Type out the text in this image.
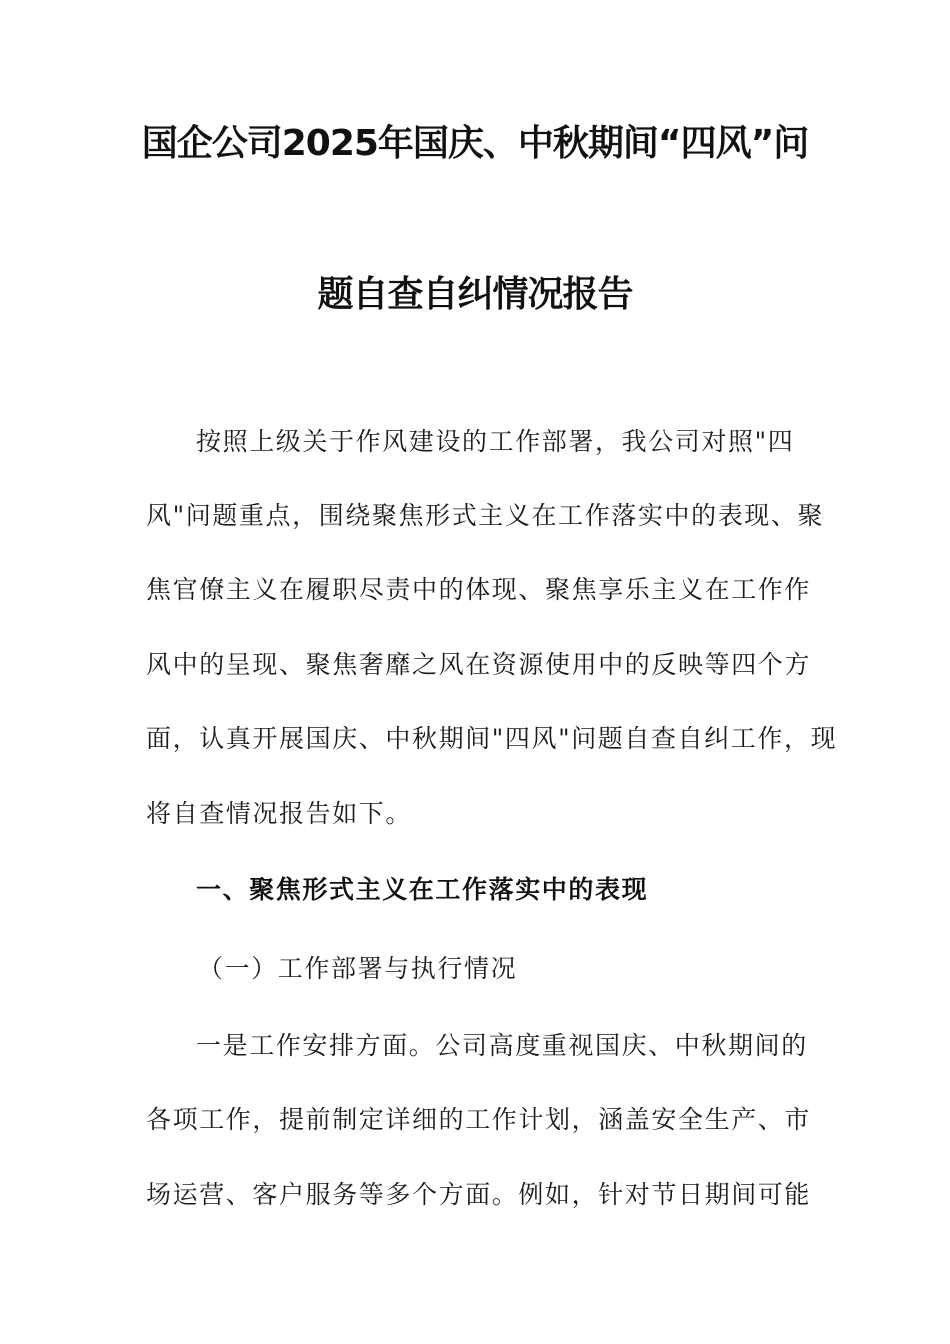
国企公司2025年国庆、中秋期间“四风”问
题自查自纠情况报告
按照上级关于作风建设的工作部署，我公司对照"四
风"问题重点，围绕聚焦形式主义在工作落实中的表现、聚
焦官僚主义在履职尽责中的体现、聚焦享乐主义在工作作
风中的呈现、聚焦奢靡之风在资源使用中的反映等四个方
面，认真开展国庆、中秋期间"四风"问题自查自纠工作，现
将自查情况报告如下。
一、聚焦形式主义在工作落实中的表现
（一）工作部署与执行情况
一是工作安排方面。公司高度重视国庆、中秋期间的
各项工作，提前制定详细的工作计划，涵盖安全生产、市
场运营、客户服务等多个方面。例如，针对节日期间可能
